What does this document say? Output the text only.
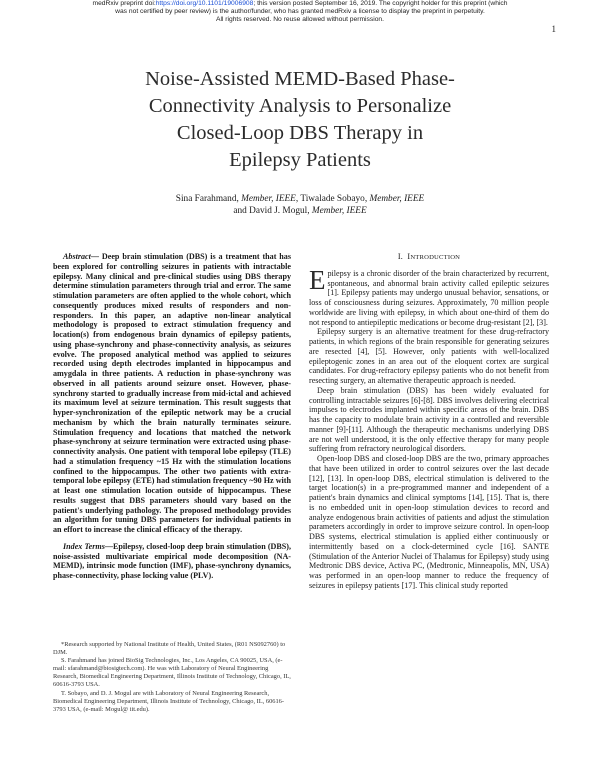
medRxiv preprint doi:https://doi.org/10.1101/19006908; this version posted September 16, 2019. The copyright holder for this preprint (which
was not certified by peer review) is the author/funder, who has granted medRxiv a license to display the preprint in perpetuity.
All rights reserved. No reuse allowed without permission.
1
Noise-Assisted MEMD-Based Phase-
Connectivity Analysis to Personalize
Closed-Loop DBS Therapy in
Epilepsy Patients
Sina Farahmand, Member, IEEE, Tiwalade Sobayo, Member, IEEE
and David J. Mogul, Member, IEEE

Abstract— Deep brain stimulation (DBS) is a treatment that has been explored for controlling seizures in patients with intractable epilepsy. Many clinical and pre-clinical studies using DBS therapy determine stimulation parameters through trial and error. The same stimulation parameters are often applied to the whole cohort, which consequently produces mixed results of responders and non-responders. In this paper, an adaptive non-linear analytical methodology is proposed to extract stimulation frequency and location(s) from endogenous brain dynamics of epilepsy patients, using phase-synchrony and phase-connectivity analysis, as seizures evolve. The proposed analytical method was applied to seizures recorded using depth electrodes implanted in hippocampus and amygdala in three patients. A reduction in phase-synchrony was observed in all patients around seizure onset. However, phase-synchrony started to gradually increase from mid-ictal and achieved its maximum level at seizure termination. This result suggests that hyper-synchronization of the epileptic network may be a crucial mechanism by which the brain naturally terminates seizure. Stimulation frequency and locations that matched the network phase-synchrony at seizure termination were extracted using phase-connectivity analysis. One patient with temporal lobe epilepsy (TLE) had a stimulation frequency ~15 Hz with the stimulation locations confined to the hippocampus. The other two patients with extra-temporal lobe epilepsy (ETE) had stimulation frequency ~90 Hz with at least one stimulation location outside of hippocampus. These results suggest that DBS parameters should vary based on the patient's underlying pathology. The proposed methodology provides an algorithm for tuning DBS parameters for individual patients in an effort to increase the clinical efficacy of the therapy.

Index Terms—Epilepsy, closed-loop deep brain stimulation (DBS), noise-assisted multivariate empirical mode decomposition (NA-MEMD), intrinsic mode function (IMF), phase-synchrony dynamics, phase-connectivity, phase locking value (PLV).

*Research supported by National Institute of Health, United States, (R01 NS092760) to DJM.

S. Farahmand has joined BioSig Technologies, Inc., Los Angeles, CA 90025, USA, (e-mail: sfarahmand@biosigtech.com). He was with Laboratory of Neural Engineering Research, Biomedical Engineering Department, Illinois Institute of Technology, Chicago, IL, 60616-3793 USA.

T. Sobayo, and D. J. Mogul are with Laboratory of Neural Engineering Research, Biomedical Engineering Department, Illinois Institute of Technology, Chicago, IL, 60616-3793 USA, (e-mail: Mogul@ iit.edu).

I. INTRODUCTION

Epilepsy is a chronic disorder of the brain characterized by recurrent, spontaneous, and abnormal brain activity called epileptic seizures [1]. Epilepsy patients may undergo unusual behavior, sensations, or loss of consciousness during seizures. Approximately, 70 million people worldwide are living with epilepsy, in which about one-third of them do not respond to antiepileptic medications or become drug-resistant [2], [3].

Epilepsy surgery is an alternative treatment for these drug-refractory patients, in which regions of the brain responsible for generating seizures are resected [4], [5]. However, only patients with well-localized epileptogenic zones in an area out of the eloquent cortex are surgical candidates. For drug-refractory epilepsy patients who do not benefit from resecting surgery, an alternative therapeutic approach is needed.

Deep brain stimulation (DBS) has been widely evaluated for controlling intractable seizures [6]-[8]. DBS involves delivering electrical impulses to electrodes implanted within specific areas of the brain. DBS has the capacity to modulate brain activity in a controlled and reversible manner [9]-[11]. Although the therapeutic mechanisms underlying DBS are not well understood, it is the only effective therapy for many people suffering from refractory neurological disorders.

Open-loop DBS and closed-loop DBS are the two, primary approaches that have been utilized in order to control seizures over the last decade [12], [13]. In open-loop DBS, electrical stimulation is delivered to the target location(s) in a pre-programmed manner and independent of a patient's brain dynamics and clinical symptoms [14], [15]. That is, there is no embedded unit in open-loop stimulation devices to record and analyze endogenous brain activities of patients and adjust the stimulation parameters accordingly in order to improve seizure control. In open-loop DBS systems, electrical stimulation is applied either continuously or intermittently based on a clock-determined cycle [16]. SANTE (Stimulation of the Anterior Nuclei of Thalamus for Epilepsy) study using Medtronic DBS device, Activa PC, (Medtronic, Minneapolis, MN, USA) was performed in an open-loop manner to reduce the frequency of seizures in epilepsy patients [17]. This clinical study reported
